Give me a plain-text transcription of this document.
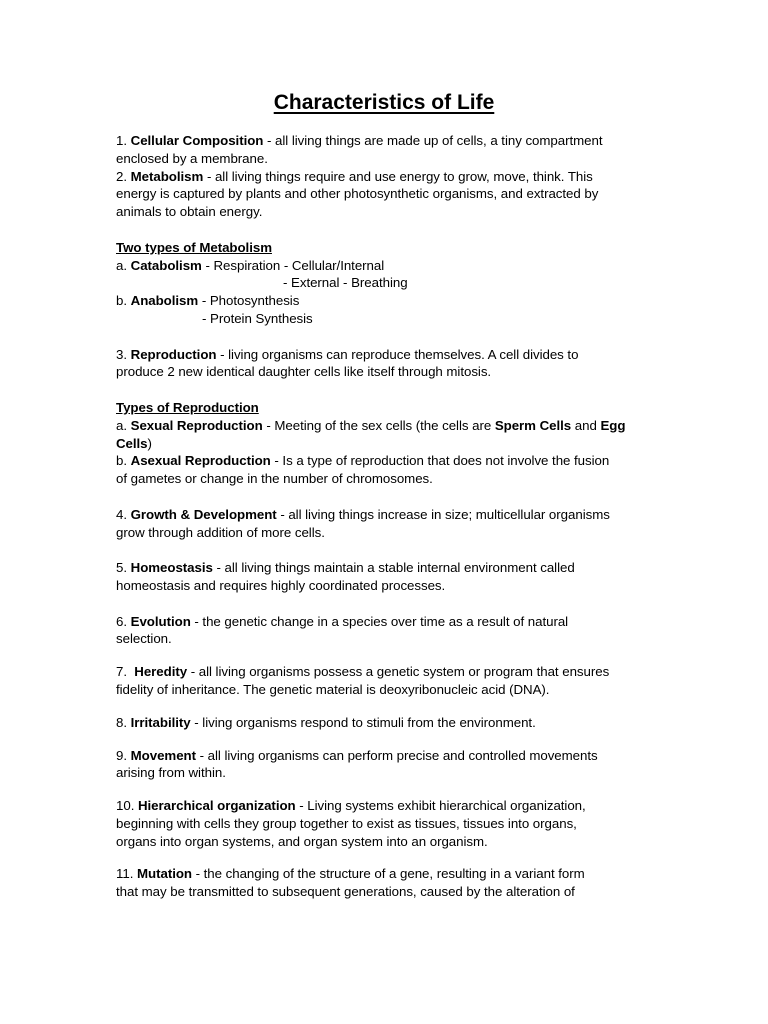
Characteristics of Life
1. Cellular Composition - all living things are made up of cells, a tiny compartment
enclosed by a membrane.
2. Metabolism - all living things require and use energy to grow, move, think. This
energy is captured by plants and other photosynthetic organisms, and extracted by
animals to obtain energy.
Two types of Metabolism
a. Catabolism - Respiration - Cellular/Internal
- External - Breathing
b. Anabolism - Photosynthesis
- Protein Synthesis
3. Reproduction - living organisms can reproduce themselves. A cell divides to
produce 2 new identical daughter cells like itself through mitosis.
Types of Reproduction
a. Sexual Reproduction - Meeting of the sex cells (the cells are Sperm Cells and Egg
Cells)
b. Asexual Reproduction - Is a type of reproduction that does not involve the fusion
of gametes or change in the number of chromosomes.
4. Growth & Development - all living things increase in size; multicellular organisms
grow through addition of more cells.
5. Homeostasis - all living things maintain a stable internal environment called
homeostasis and requires highly coordinated processes.
6. Evolution - the genetic change in a species over time as a result of natural
selection.
7.  Heredity - all living organisms possess a genetic system or program that ensures
fidelity of inheritance. The genetic material is deoxyribonucleic acid (DNA).
8. Irritability - living organisms respond to stimuli from the environment.
9. Movement - all living organisms can perform precise and controlled movements
arising from within.
10. Hierarchical organization - Living systems exhibit hierarchical organization,
beginning with cells they group together to exist as tissues, tissues into organs,
organs into organ systems, and organ system into an organism.
11. Mutation - the changing of the structure of a gene, resulting in a variant form
that may be transmitted to subsequent generations, caused by the alteration of
